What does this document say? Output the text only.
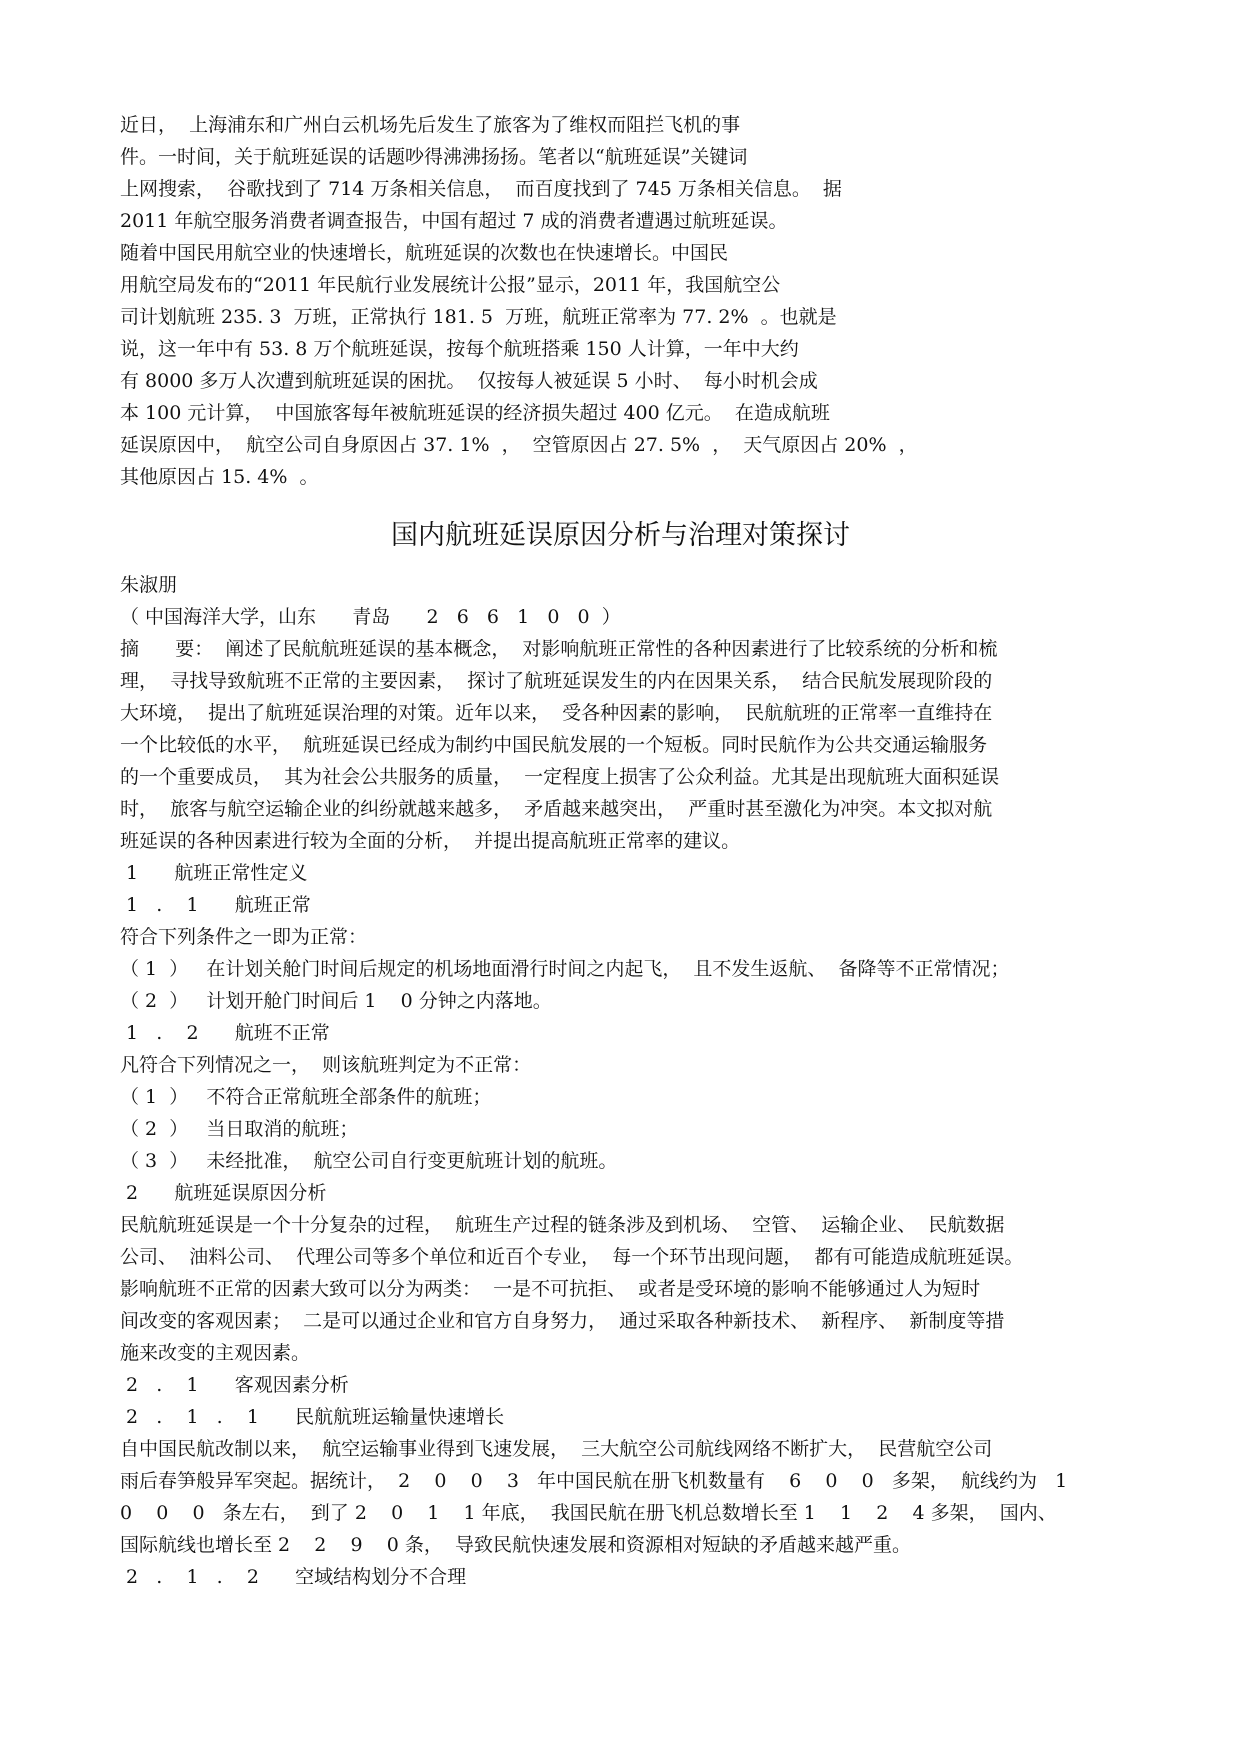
近日，  上海浦东和广州白云机场先后发生了旅客为了维权而阻拦飞机的事
件。一时间，关于航班延误的话题吵得沸沸扬扬。笔者以“航班延误”关键词
上网搜索，  谷歌找到了 714 万条相关信息，  而百度找到了 745 万条相关信息。  据
2011 年航空服务消费者调查报告，中国有超过 7 成的消费者遭遇过航班延误。
随着中国民用航空业的快速增长，航班延误的次数也在快速增长。中国民
用航空局发布的“2011 年民航行业发展统计公报”显示，2011 年，我国航空公
司计划航班 235. 3  万班，正常执行 181. 5  万班，航班正常率为 77. 2%  。也就是
说，这一年中有 53. 8 万个航班延误，按每个航班搭乘 150 人计算，一年中大约
有 8000 多万人次遭到航班延误的困扰。  仅按每人被延误 5 小时、  每小时机会成
本 100 元计算，  中国旅客每年被航班延误的经济损失超过 400 亿元。  在造成航班
延误原因中，  航空公司自身原因占 37. 1%  ，  空管原因占 27. 5%  ，  天气原因占 20%  ，
其他原因占 15. 4%  。
国内航班延误原因分析与治理对策探讨
朱淑朋
（ 中国海洋大学，山东      青岛      2   6   6   1   0   0  ）
摘      要：  阐述了民航航班延误的基本概念，  对影响航班正常性的各种因素进行了比较系统的分析和梳
理，  寻找导致航班不正常的主要因素，  探讨了航班延误发生的内在因果关系，  结合民航发展现阶段的
大环境，  提出了航班延误治理的对策。近年以来，  受各种因素的影响，  民航航班的正常率一直维持在
一个比较低的水平，  航班延误已经成为制约中国民航发展的一个短板。同时民航作为公共交通运输服务
的一个重要成员，  其为社会公共服务的质量，  一定程度上损害了公众利益。尤其是出现航班大面积延误
时，  旅客与航空运输企业的纠纷就越来越多，  矛盾越来越突出，  严重时甚至激化为冲突。本文拟对航
班延误的各种因素进行较为全面的分析，  并提出提高航班正常率的建议。
1      航班正常性定义
1   .    1      航班正常
符合下列条件之一即为正常：
（ 1  ）   在计划关舱门时间后规定的机场地面滑行时间之内起飞，  且不发生返航、  备降等不正常情况；
（ 2  ）   计划开舱门时间后 1    0 分钟之内落地。
1   .    2      航班不正常
凡符合下列情况之一，  则该航班判定为不正常：
（ 1  ）   不符合正常航班全部条件的航班；
（ 2  ）   当日取消的航班；
（ 3  ）   未经批准，  航空公司自行变更航班计划的航班。
2      航班延误原因分析
民航航班延误是一个十分复杂的过程，  航班生产过程的链条涉及到机场、  空管、  运输企业、  民航数据
公司、  油料公司、  代理公司等多个单位和近百个专业，  每一个环节出现问题，  都有可能造成航班延误。
影响航班不正常的因素大致可以分为两类：  一是不可抗拒、  或者是受环境的影响不能够通过人为短时
间改变的客观因素；  二是可以通过企业和官方自身努力，  通过采取各种新技术、  新程序、  新制度等措
施来改变的主观因素。
2   .    1      客观因素分析
2   .    1   .    1      民航航班运输量快速增长
自中国民航改制以来，  航空运输事业得到飞速发展，  三大航空公司航线网络不断扩大，  民营航空公司
雨后春笋般异军突起。据统计，  2    0    0    3   年中国民航在册飞机数量有    6    0    0   多架，  航线约为   1
0    0    0   条左右，  到了 2    0    1    1 年底，  我国民航在册飞机总数增长至 1    1    2    4 多架，  国内、
国际航线也增长至 2    2    9    0 条，  导致民航快速发展和资源相对短缺的矛盾越来越严重。
2   .    1   .    2      空域结构划分不合理
